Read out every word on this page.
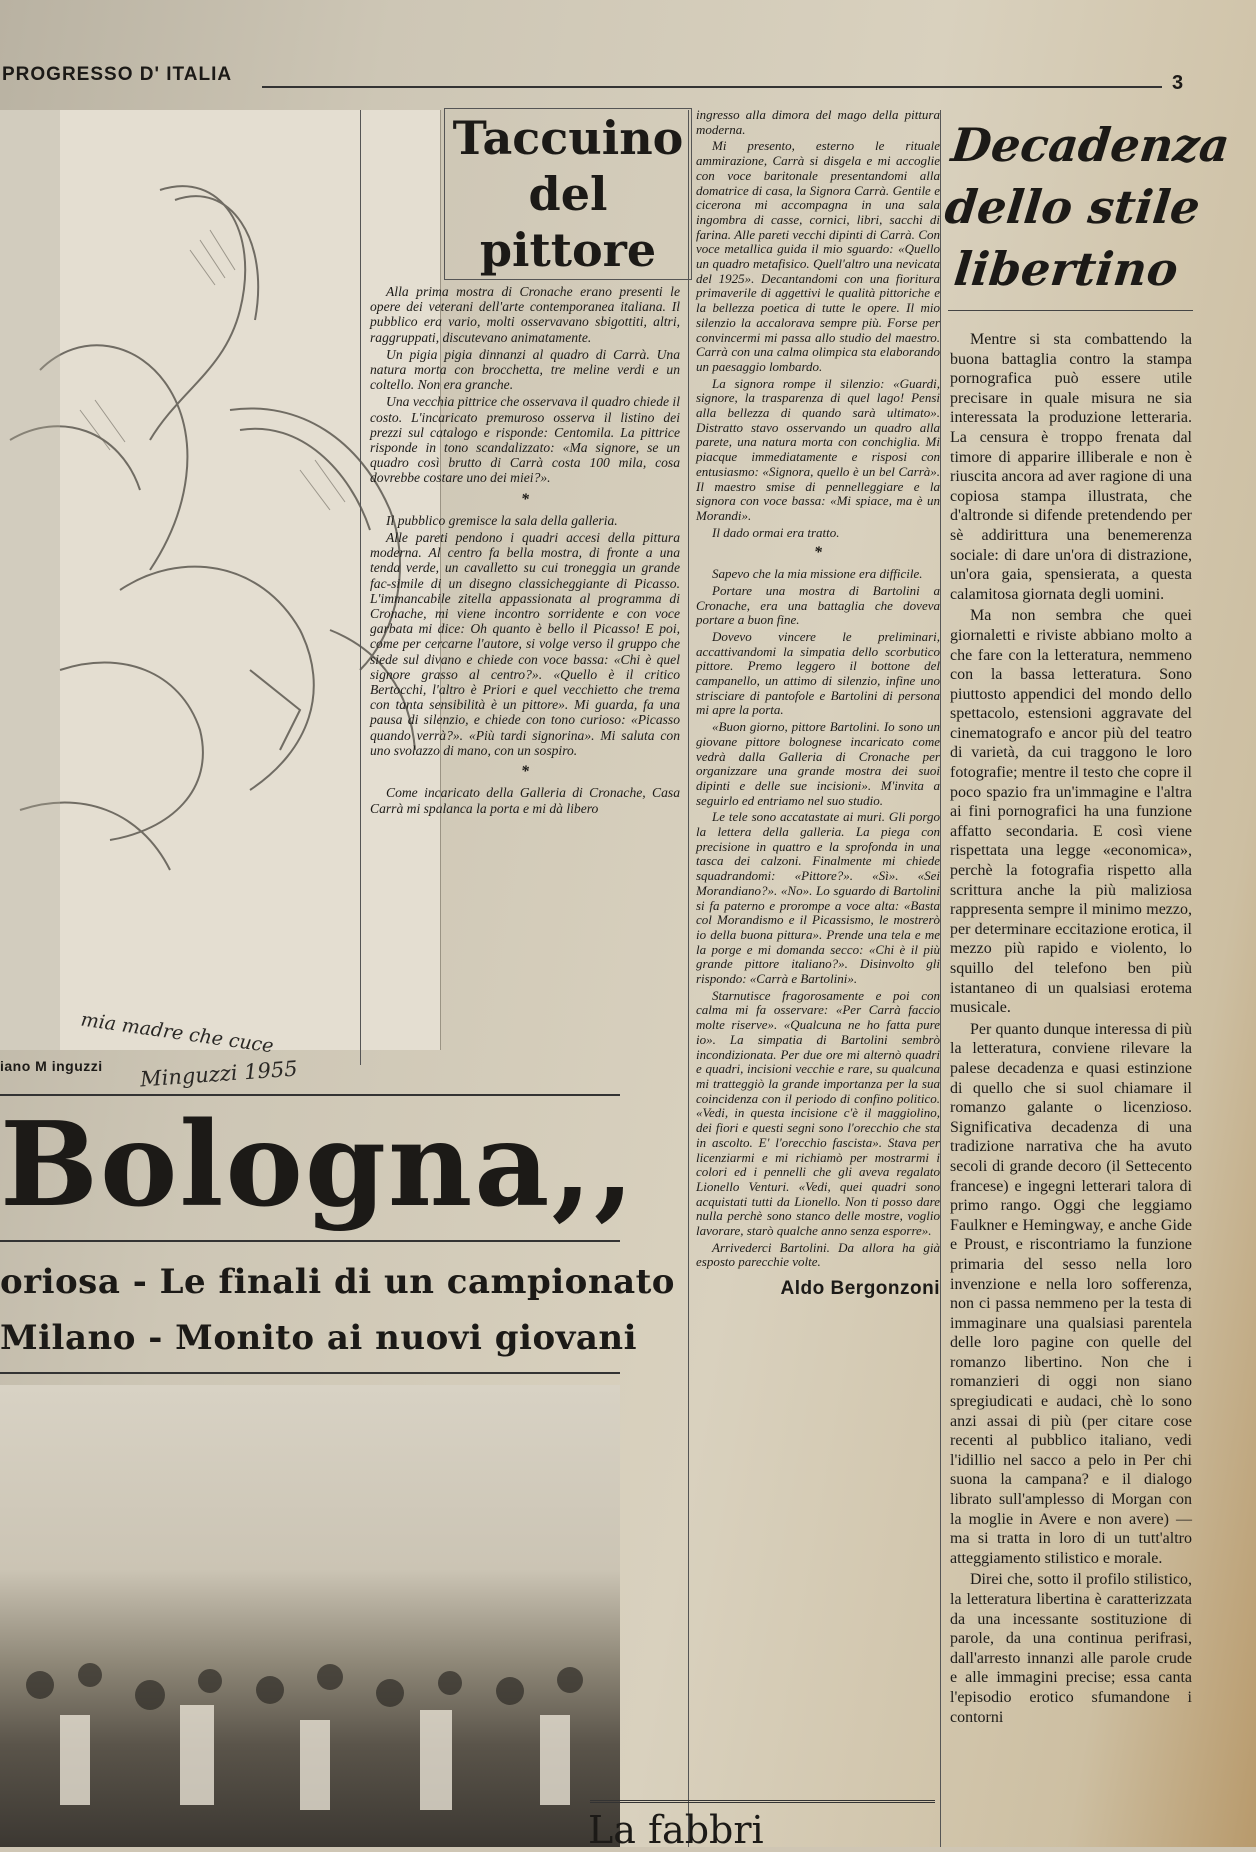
PROGRESSO D' ITALIA	3
mia madre che cuce
Minguzzi 1955
iano M inguzzi
Taccuino
del
pittore

Alla prima mostra di Cronache erano presenti le opere dei veterani dell'arte contemporanea italiana. Il pubblico era vario, molti osservavano sbigottiti, altri, raggruppati, discutevano animatamente.

Un pigia pigia dinnanzi al quadro di Carrà. Una natura morta con brocchetta, tre meline verdi e un coltello. Non era granche.

Una vecchia pittrice che osservava il quadro chiede il costo. L'incaricato premuroso osserva il listino dei prezzi sul catalogo e risponde: Centomila. La pittrice risponde in tono scandalizzato: «Ma signore, se un quadro così brutto di Carrà costa 100 mila, cosa dovrebbe costare uno dei miei?».

*

Il pubblico gremisce la sala della galleria.

Alle pareti pendono i quadri accesi della pittura moderna. Al centro fa bella mostra, di fronte a una tenda verde, un cavalletto su cui troneggia un grande fac-simile di un disegno classicheggiante di Picasso. L'immancabile zitella appassionata al programma di Cronache, mi viene incontro sorridente e con voce garbata mi dice: Oh quanto è bello il Picasso! E poi, come per cercarne l'autore, si volge verso il gruppo che siede sul divano e chiede con voce bassa: «Chi è quel signore grasso al centro?». «Quello è il critico Bertocchi, l'altro è Priori e quel vecchietto che trema con tanta sensibilità è un pittore». Mi guarda, fa una pausa di silenzio, e chiede con tono curioso: «Picasso quando verrà?». «Più tardi signorina». Mi saluta con uno svolazzo di mano, con un sospiro.

*

Come incaricato della Galleria di Cronache, Casa Carrà mi spalanca la porta e mi dà libero

ingresso alla dimora del mago della pittura moderna.

Mi presento, esterno le rituale ammirazione, Carrà si disgela e mi accoglie con voce baritonale presentandomi alla domatrice di casa, la Signora Carrà. Gentile e cicerona mi accompagna in una sala ingombra di casse, cornici, libri, sacchi di farina. Alle pareti vecchi dipinti di Carrà. Con voce metallica guida il mio sguardo: «Quello un quadro metafisico. Quell'altro una nevicata del 1925». Decantandomi con una fioritura primaverile di aggettivi le qualità pittoriche e la bellezza poetica di tutte le opere. Il mio silenzio la accalorava sempre più. Forse per convincermi mi passa allo studio del maestro. Carrà con una calma olimpica sta elaborando un paesaggio lombardo.

La signora rompe il silenzio: «Guardi, signore, la trasparenza di quel lago! Pensi alla bellezza di quando sarà ultimato». Distratto stavo osservando un quadro alla parete, una natura morta con conchiglia. Mi piacque immediatamente e risposi con entusiasmo: «Signora, quello è un bel Carrà». Il maestro smise di pennelleggiare e la signora con voce bassa: «Mi spiace, ma è un Morandi».

Il dado ormai era tratto.

*

Sapevo che la mia missione era difficile.

Portare una mostra di Bartolini a Cronache, era una battaglia che doveva portare a buon fine.

Dovevo vincere le preliminari, accattivandomi la simpatia dello scorbutico pittore. Premo leggero il bottone del campanello, un attimo di silenzio, infine uno strisciare di pantofole e Bartolini di persona mi apre la porta.

«Buon giorno, pittore Bartolini. Io sono un giovane pittore bolognese incaricato come vedrà dalla Galleria di Cronache per organizzare una grande mostra dei suoi dipinti e delle sue incisioni». M'invita a seguirlo ed entriamo nel suo studio.

Le tele sono accatastate ai muri. Gli porgo la lettera della galleria. La piega con precisione in quattro e la sprofonda in una tasca dei calzoni. Finalmente mi chiede squadrandomi: «Pittore?». «Sì». «Sei Morandiano?». «No». Lo sguardo di Bartolini si fa paterno e prorompe a voce alta: «Basta col Morandismo e il Picassismo, le mostrerò io della buona pittura». Prende una tela e me la porge e mi domanda secco: «Chi è il più grande pittore italiano?». Disinvolto gli rispondo: «Carrà e Bartolini».

Starnutisce fragorosamente e poi con calma mi fa osservare: «Per Carrà faccio molte riserve». «Qualcuna ne ho fatta pure io». La simpatia di Bartolini sembrò incondizionata. Per due ore mi alternò quadri e quadri, incisioni vecchie e rare, su qualcuna mi tratteggiò la grande importanza per la sua coincidenza con il periodo di confino politico. «Vedi, in questa incisione c'è il maggiolino, dei fiori e questi segni sono l'orecchio che sta in ascolto. E' l'orecchio fascista». Stava per licenziarmi e mi richiamò per mostrarmi i colori ed i pennelli che gli aveva regalato Lionello Venturi. «Vedi, quei quadri sono acquistati tutti da Lionello. Non ti posso dare nulla perchè sono stanco delle mostre, voglio lavorare, starò qualche anno senza esporre».

Arrivederci Bartolini. Da allora ha già esposto parecchie volte.

Aldo Bergonzoni
Decadenza
dello stile
libertino

Mentre si sta combattendo la buona battaglia contro la stampa pornografica può essere utile precisare in quale misura ne sia interessata la produzione letteraria. La censura è troppo frenata dal timore di apparire illiberale e non è riuscita ancora ad aver ragione di una copiosa stampa illustrata, che d'altronde si difende pretendendo per sè addirittura una benemerenza sociale: di dare un'ora di distrazione, un'ora gaia, spensierata, a questa calamitosa giornata degli uomini.

Ma non sembra che quei giornaletti e riviste abbiano molto a che fare con la letteratura, nemmeno con la bassa letteratura. Sono piuttosto appendici del mondo dello spettacolo, estensioni aggravate del cinematografo e ancor più del teatro di varietà, da cui traggono le loro fotografie; mentre il testo che copre il poco spazio fra un'immagine e l'altra ai fini pornografici ha una funzione affatto secondaria. E così viene rispettata una legge «economica», perchè la fotografia rispetto alla scrittura anche la più maliziosa rappresenta sempre il minimo mezzo, per determinare eccitazione erotica, il mezzo più rapido e violento, lo squillo del telefono ben più istantaneo di un qualsiasi erotema musicale.

Per quanto dunque interessa di più la letteratura, conviene rilevare la palese decadenza e quasi estinzione di quello che si suol chiamare il romanzo galante o licenzioso. Significativa decadenza di una tradizione narrativa che ha avuto secoli di grande decoro (il Settecento francese) e ingegni letterari talora di primo rango. Oggi che leggiamo Faulkner e Hemingway, e anche Gide e Proust, e riscontriamo la funzione primaria del sesso nella loro invenzione e nella loro sofferenza, non ci passa nemmeno per la testa di immaginare una qualsiasi parentela delle loro pagine con quelle del romanzo libertino. Non che i romanzieri di oggi non siano spregiudicati e audaci, chè lo sono anzi assai di più (per citare cose recenti al pubblico italiano, vedi l'idillio nel sacco a pelo in Per chi suona la campana? e il dialogo librato sull'amplesso di Morgan con la moglie in Avere e non avere) — ma si tratta in loro di un tutt'altro atteggiamento stilistico e morale.

Direi che, sotto il profilo stilistico, la letteratura libertina è caratterizzata da una incessante sostituzione di parole, da una continua perifrasi, dall'arresto innanzi alle parole crude e alle immagini precise; essa canta l'episodio erotico sfumandone i contorni

Bologna,,
oriosa - Le finali di un campionato
Milano - Monito ai nuovi giovani
La fabbri
